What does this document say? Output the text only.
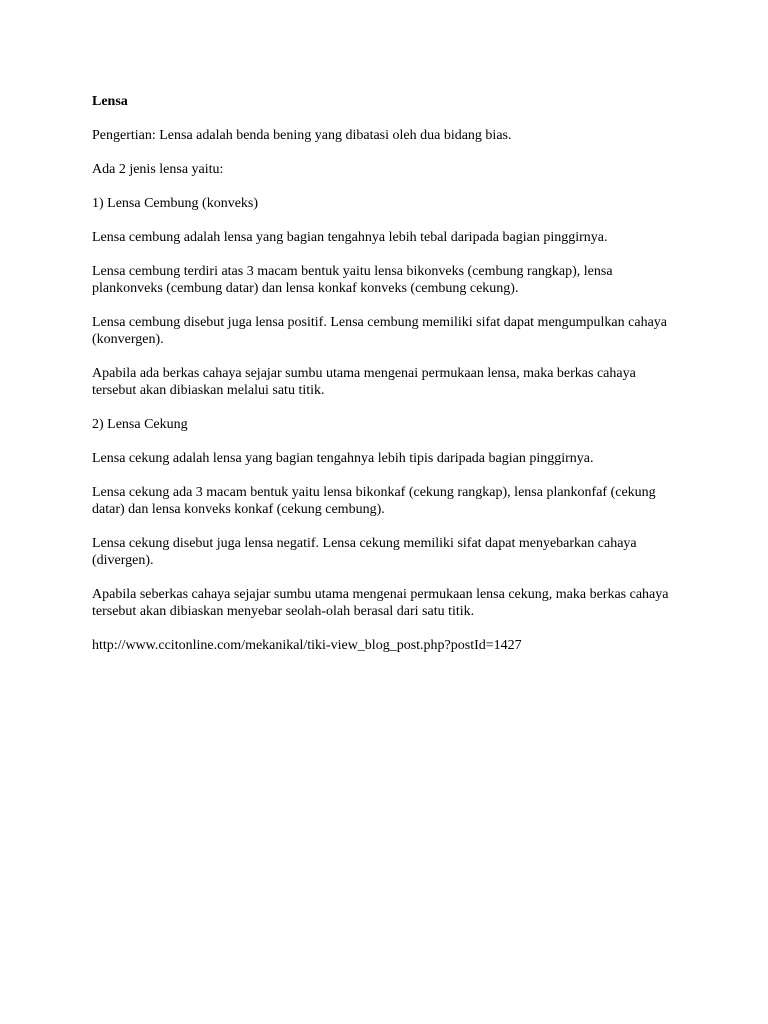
Lensa

Pengertian: Lensa adalah benda bening yang dibatasi oleh dua bidang bias.

Ada 2 jenis lensa yaitu:

1) Lensa Cembung (konveks)

Lensa cembung adalah lensa yang bagian tengahnya lebih tebal daripada bagian pinggirnya.

Lensa cembung terdiri atas 3 macam bentuk yaitu lensa bikonveks (cembung rangkap), lensa plankonveks (cembung datar) dan lensa konkaf konveks (cembung cekung).

Lensa cembung disebut juga lensa positif. Lensa cembung memiliki sifat dapat mengumpulkan cahaya (konvergen).

Apabila ada berkas cahaya sejajar sumbu utama mengenai permukaan lensa, maka berkas cahaya tersebut akan dibiaskan melalui satu titik.

2) Lensa Cekung

Lensa cekung adalah lensa yang bagian tengahnya lebih tipis daripada bagian pinggirnya.

Lensa cekung ada 3 macam bentuk yaitu lensa bikonkaf (cekung rangkap), lensa plankonfaf (cekung datar) dan lensa konveks konkaf (cekung cembung).

Lensa cekung disebut juga lensa negatif. Lensa cekung memiliki sifat dapat menyebarkan cahaya (divergen).

Apabila seberkas cahaya sejajar sumbu utama mengenai permukaan lensa cekung, maka berkas cahaya tersebut akan dibiaskan menyebar seolah-olah berasal dari satu titik.

http://www.ccitonline.com/mekanikal/tiki-view_blog_post.php?postId=1427
